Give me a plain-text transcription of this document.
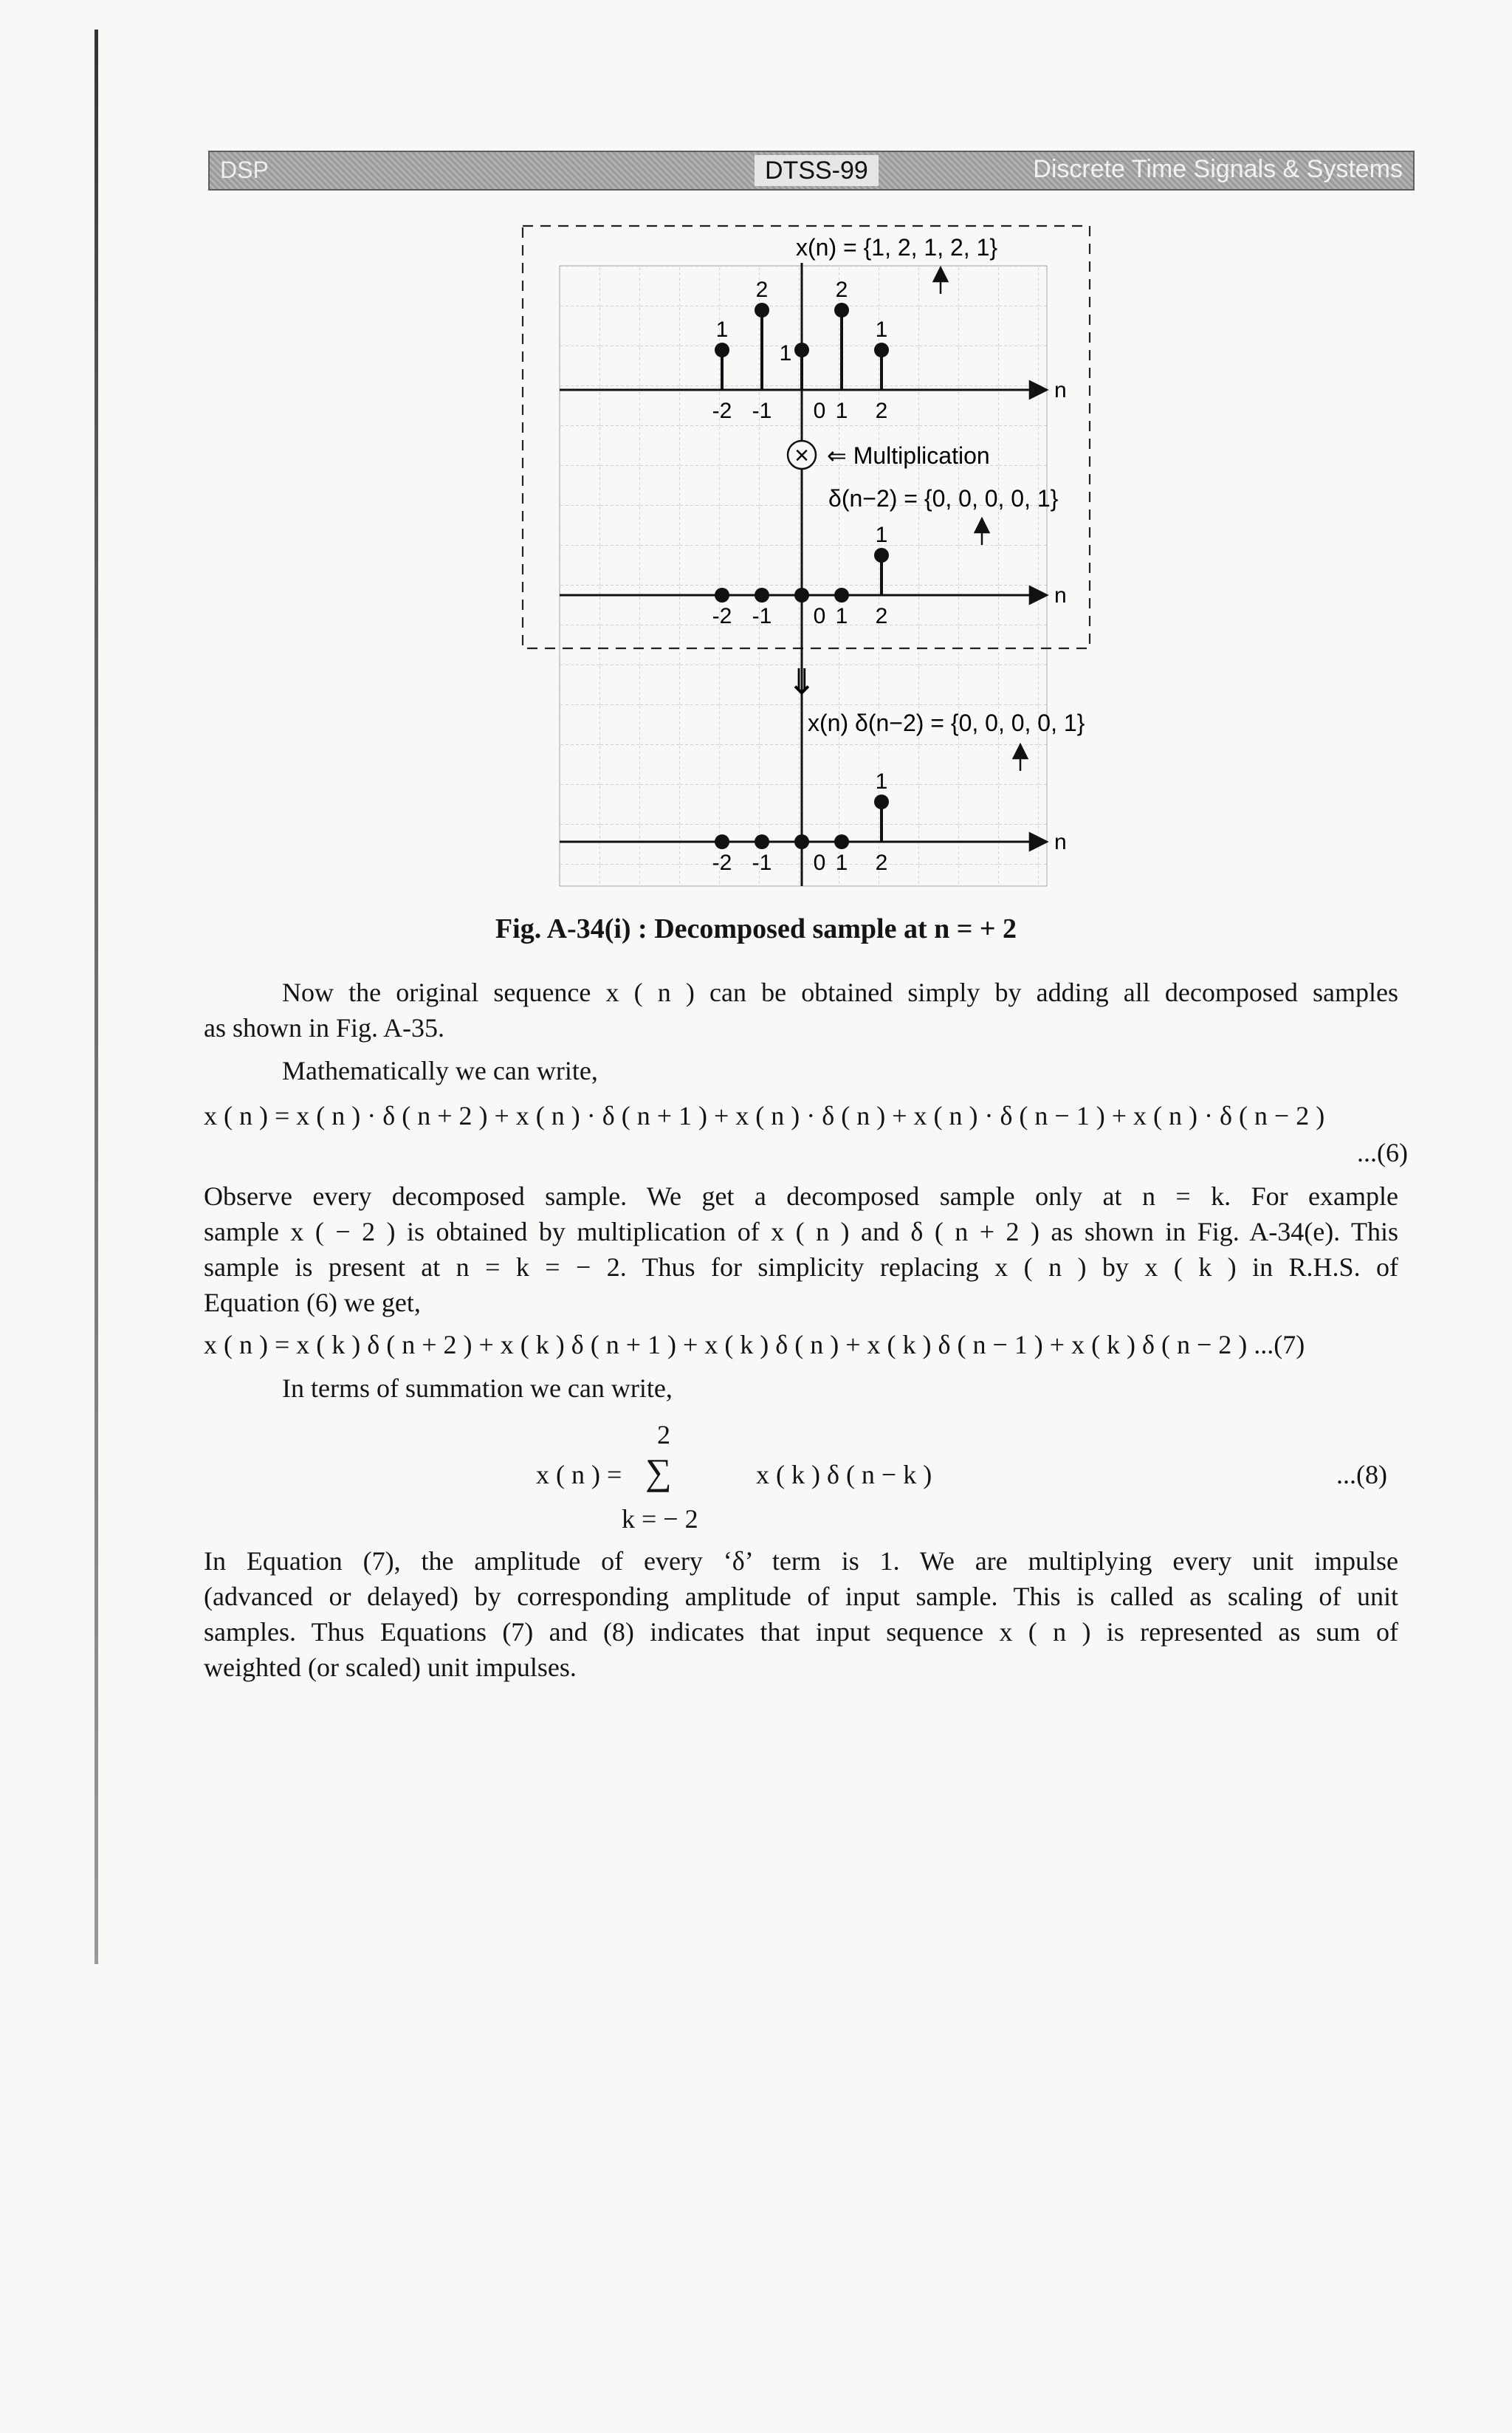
DSP	DTSS-99	Discrete Time Signals & Systems
n
x(n) = {1, 2, 1, 2, 1}
-2 -1 0 1 2
1
2
1
2
1
n
δ(n−2) = {0, 0, 0, 0, 1}
-2 -1 0 1 2
1
n
x(n) δ(n−2) = {0, 0, 0, 0, 1}
-2 -1 0 1 2
1
× ⇐ Multiplication
⇓
Fig. A-34(i) : Decomposed sample at n = + 2
Now the original sequence x ( n ) can be obtained simply by adding all decomposed samples
as shown in Fig. A-35.
Mathematically we can write,
x ( n ) = x ( n ) · δ ( n + 2 ) + x ( n ) · δ ( n + 1 ) + x ( n ) · δ ( n ) + x ( n ) · δ ( n − 1 ) + x ( n ) · δ ( n − 2 )
...(6)
Observe every decomposed sample. We get a decomposed sample only at n = k. For example
sample x ( − 2 ) is obtained by multiplication of x ( n ) and δ ( n + 2 ) as shown in Fig. A-34(e). This
sample is present at n = k = − 2. Thus for simplicity replacing x ( n ) by x ( k ) in R.H.S. of
Equation (6) we get,
x ( n ) = x ( k ) δ ( n + 2 ) + x ( k ) δ ( n + 1 ) + x ( k ) δ ( n ) + x ( k ) δ ( n − 1 ) + x ( k ) δ ( n − 2 ) ...(7)
In terms of summation we can write,
2
x ( n ) = ∑	x ( k ) δ ( n − k )
k = − 2
...(8)
In Equation (7), the amplitude of every ‘δ’ term is 1. We are multiplying every unit impulse
(advanced or delayed) by corresponding amplitude of input sample. This is called as scaling of unit
samples. Thus Equations (7) and (8) indicates that input sequence x ( n ) is represented as sum of
weighted (or scaled) unit impulses.
